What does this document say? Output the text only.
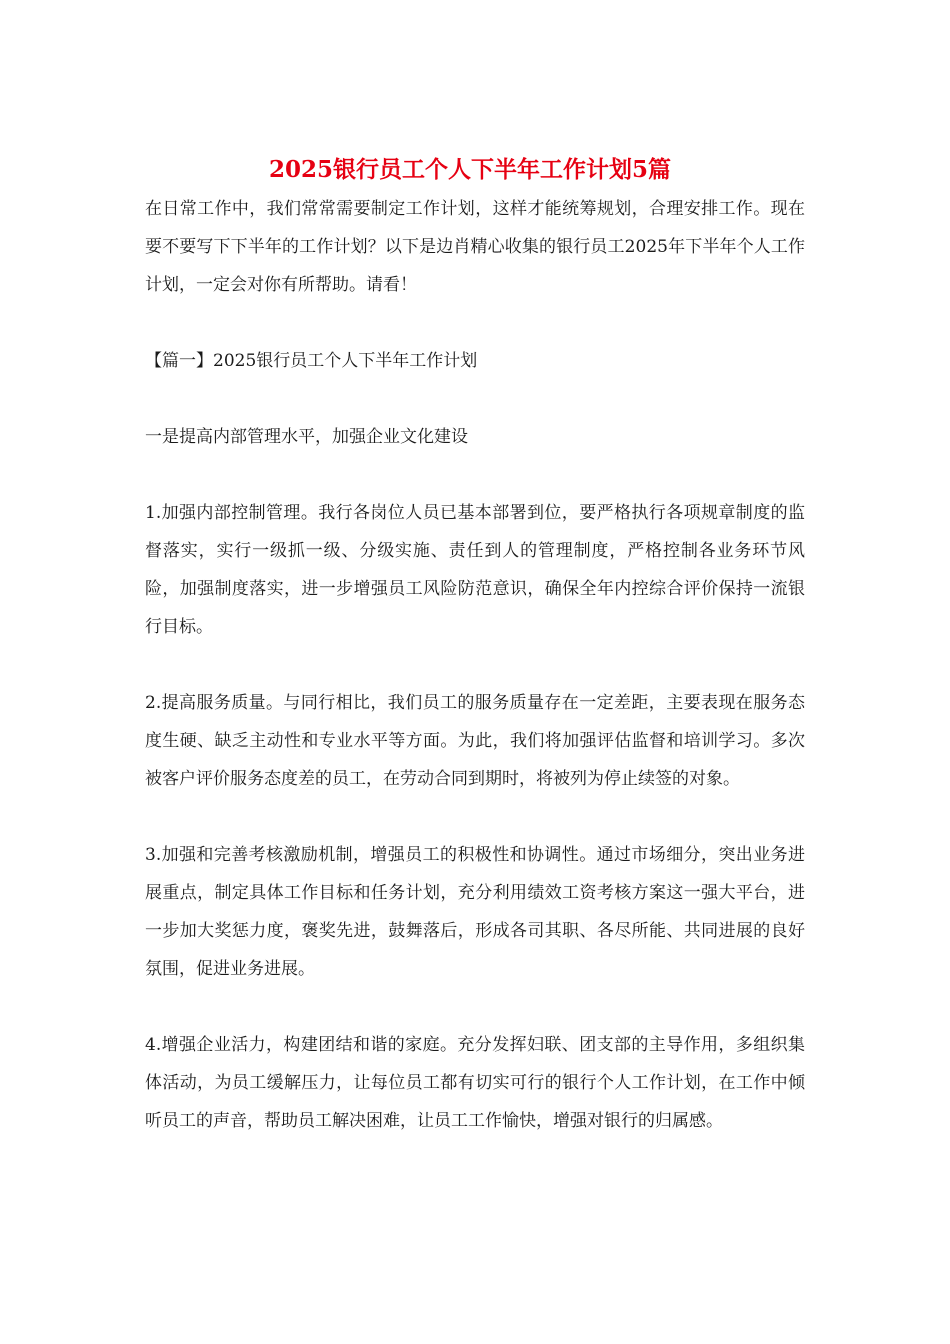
2025银行员工个人下半年工作计划5篇

在日常工作中，我们常常需要制定工作计划，这样才能统筹规划，合理安排工作。现在要不要写下下半年的工作计划？以下是边肖精心收集的银行员工2025年下半年个人工作计划，一定会对你有所帮助。请看！

【篇一】2025银行员工个人下半年工作计划

一是提高内部管理水平，加强企业文化建设

1.加强内部控制管理。我行各岗位人员已基本部署到位，要严格执行各项规章制度的监督落实，实行一级抓一级、分级实施、责任到人的管理制度，严格控制各业务环节风险，加强制度落实，进一步增强员工风险防范意识，确保全年内控综合评价保持一流银行目标。

2.提高服务质量。与同行相比，我们员工的服务质量存在一定差距，主要表现在服务态度生硬、缺乏主动性和专业水平等方面。为此，我们将加强评估监督和培训学习。多次被客户评价服务态度差的员工，在劳动合同到期时，将被列为停止续签的对象。

3.加强和完善考核激励机制，增强员工的积极性和协调性。通过市场细分，突出业务进展重点，制定具体工作目标和任务计划，充分利用绩效工资考核方案这一强大平台，进一步加大奖惩力度，褒奖先进，鼓舞落后，形成各司其职、各尽所能、共同进展的良好氛围，促进业务进展。

4.增强企业活力，构建团结和谐的家庭。充分发挥妇联、团支部的主导作用，多组织集体活动，为员工缓解压力，让每位员工都有切实可行的银行个人工作计划，在工作中倾听员工的声音，帮助员工解决困难，让员工工作愉快，增强对银行的归属感。
